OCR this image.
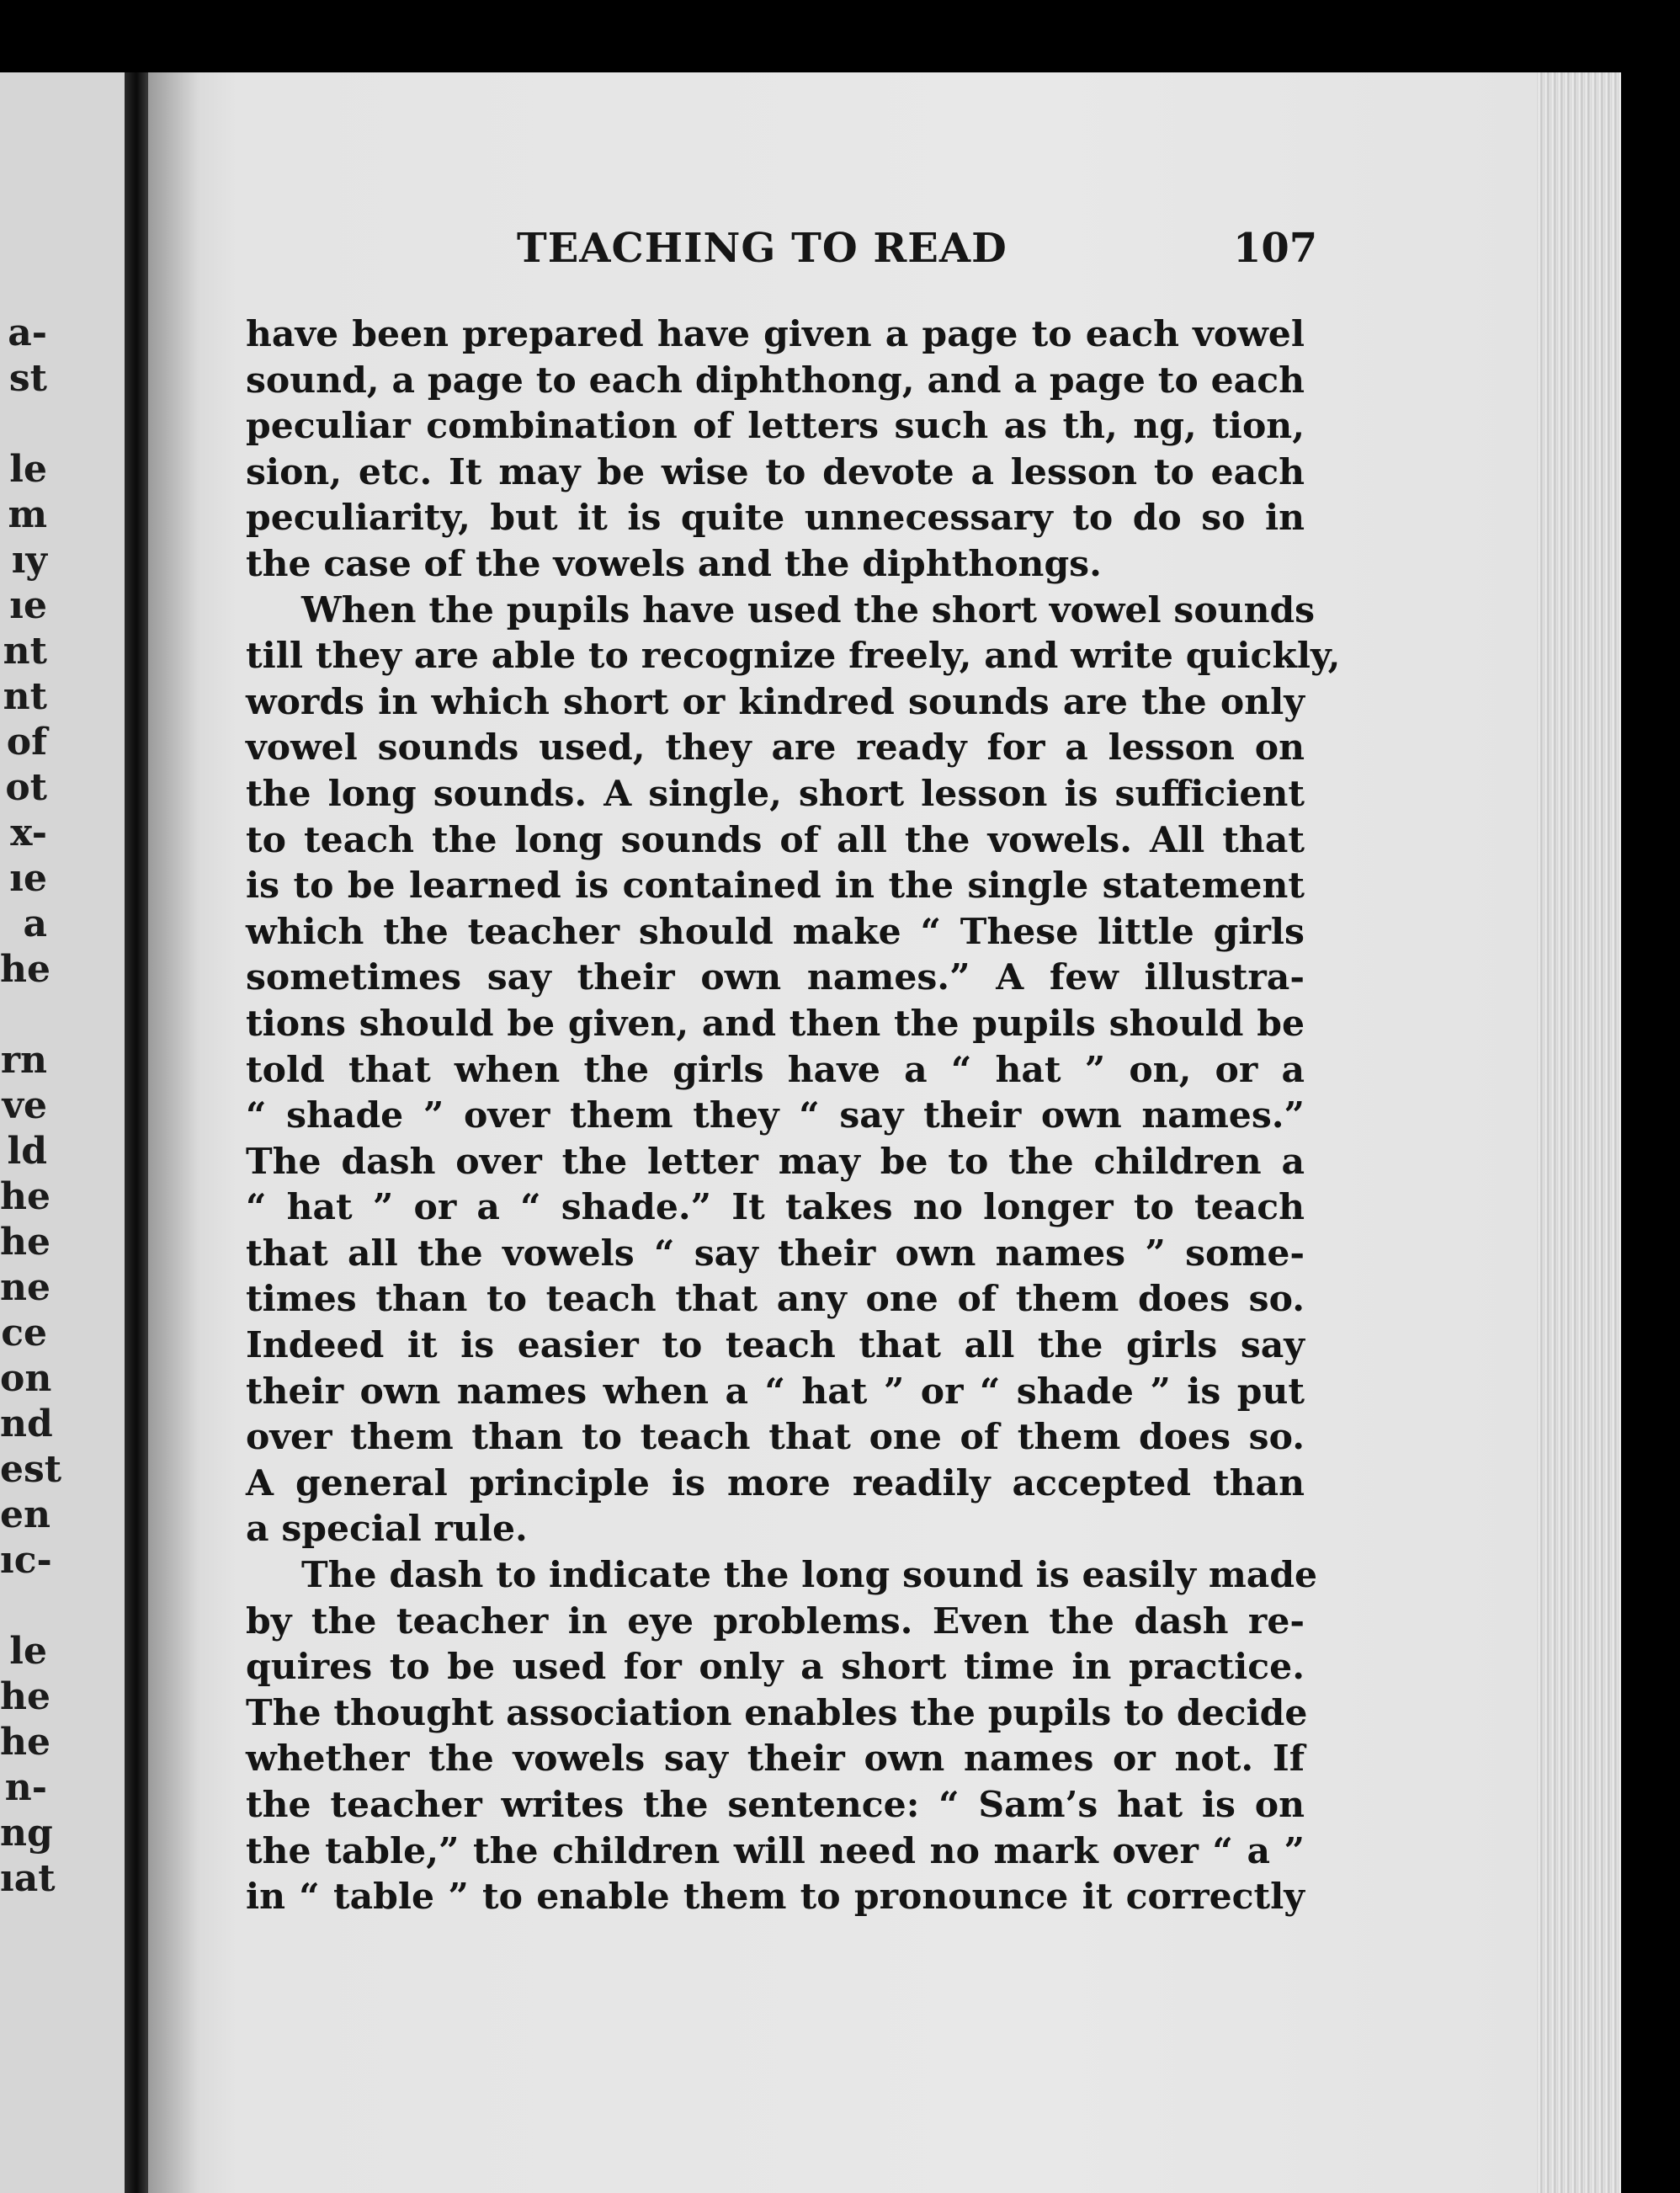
a-
st
le
m
ıy
ıe
nt
nt
of
ot
x-
ıe
a
he
rn
ve
ld
he
he
ne
ce
on
nd
est
en
ıc-
le
he
he
n-
ng
ıat
TEACHING TO READ	107
have been prepared have given a page to each vowel
sound, a page to each diphthong, and a page to each
peculiar combination of letters such as th, ng, tion,
sion, etc. It may be wise to devote a lesson to each
peculiarity, but it is quite unnecessary to do so in
the case of the vowels and the diphthongs.
When the pupils have used the short vowel sounds
till they are able to recognize freely, and write quickly,
words in which short or kindred sounds are the only
vowel sounds used, they are ready for a lesson on
the long sounds. A single, short lesson is sufficient
to teach the long sounds of all the vowels. All that
is to be learned is contained in the single statement
which the teacher should make “ These little girls
sometimes say their own names.” A few illustra-
tions should be given, and then the pupils should be
told that when the girls have a “ hat ” on, or a
“ shade ” over them they “ say their own names.”
The dash over the letter may be to the children a
“ hat ” or a “ shade.” It takes no longer to teach
that all the vowels “ say their own names ” some-
times than to teach that any one of them does so.
Indeed it is easier to teach that all the girls say
their own names when a “ hat ” or “ shade ” is put
over them than to teach that one of them does so.
A general principle is more readily accepted than
a special rule.
The dash to indicate the long sound is easily made
by the teacher in eye problems. Even the dash re-
quires to be used for only a short time in practice.
The thought association enables the pupils to decide
whether the vowels say their own names or not. If
the teacher writes the sentence: “ Sam’s hat is on
the table,” the children will need no mark over “ a ”
in “ table ” to enable them to pronounce it correctly
